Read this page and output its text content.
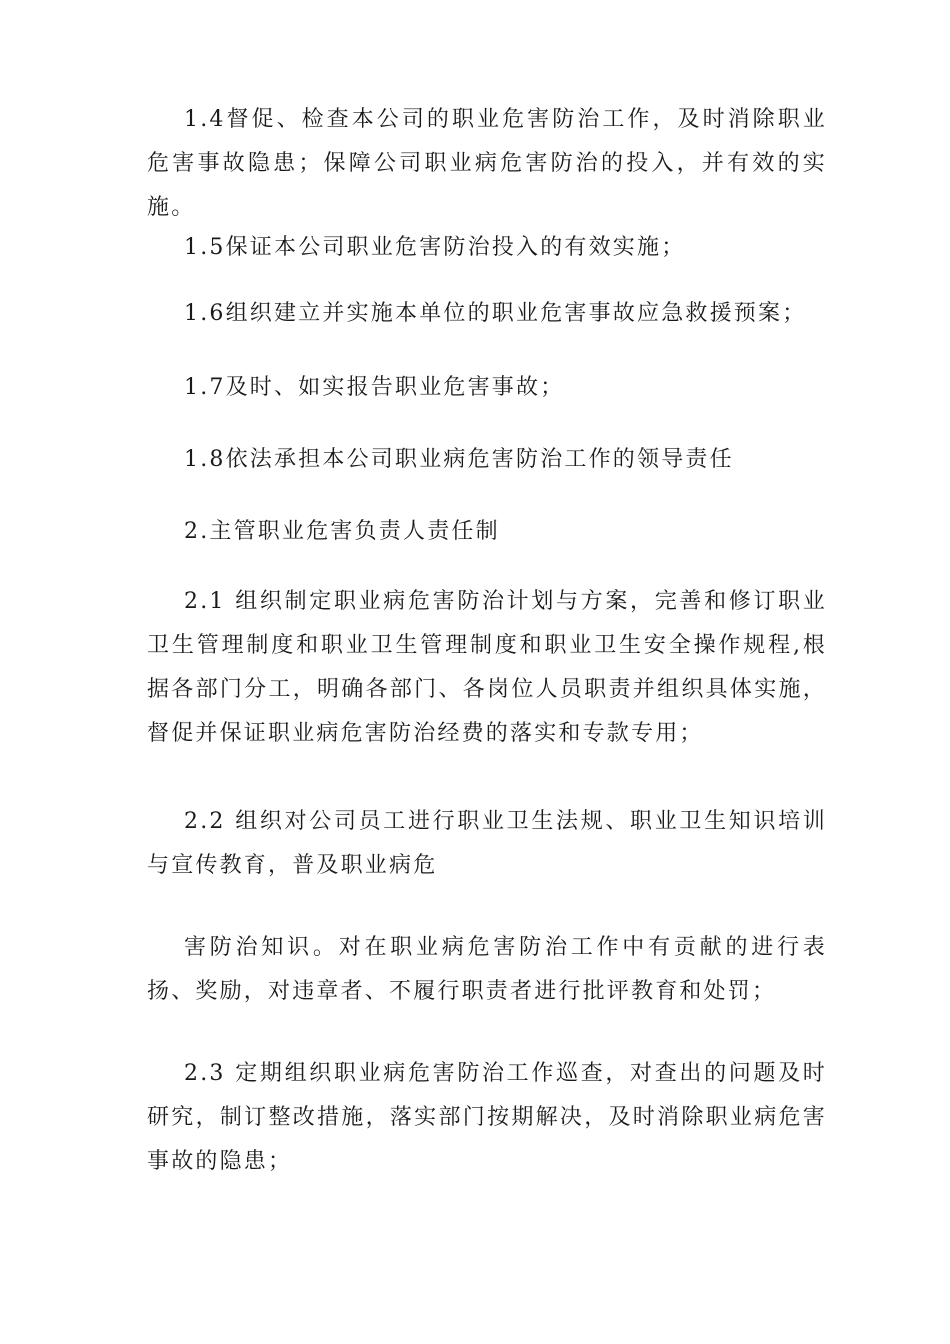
1.4督促、检查本公司的职业危害防治工作，及时消除职业危害事故隐患；保障公司职业病危害防治的投入，并有效的实施。

1.5保证本公司职业危害防治投入的有效实施；

1.6组织建立并实施本单位的职业危害事故应急救援预案；

1.7及时、如实报告职业危害事故；

1.8依法承担本公司职业病危害防治工作的领导责任

2.主管职业危害负责人责任制

2.1 组织制定职业病危害防治计划与方案，完善和修订职业卫生管理制度和职业卫生管理制度和职业卫生安全操作规程,根据各部门分工，明确各部门、各岗位人员职责并组织具体实施，督促并保证职业病危害防治经费的落实和专款专用；

2.2 组织对公司员工进行职业卫生法规、职业卫生知识培训与宣传教育，普及职业病危

害防治知识。对在职业病危害防治工作中有贡献的进行表扬、奖励，对违章者、不履行职责者进行批评教育和处罚；

2.3 定期组织职业病危害防治工作巡查，对查出的问题及时研究，制订整改措施，落实部门按期解决，及时消除职业病危害事故的隐患；
